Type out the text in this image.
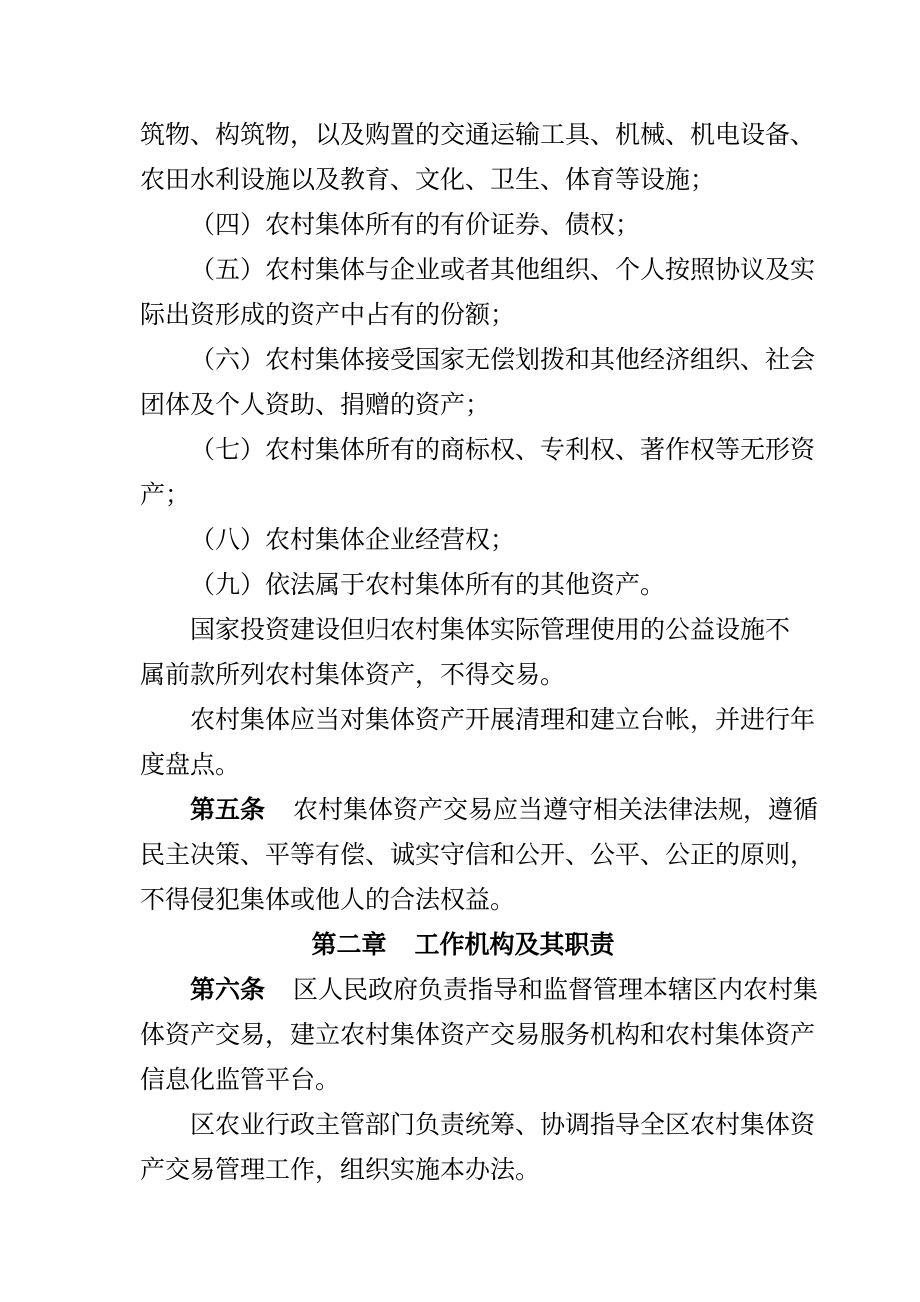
筑物、构筑物，以及购置的交通运输工具、机械、机电设备、
农田水利设施以及教育、文化、卫生、体育等设施；
（四）农村集体所有的有价证券、债权；
（五）农村集体与企业或者其他组织、个人按照协议及实
际出资形成的资产中占有的份额；
（六）农村集体接受国家无偿划拨和其他经济组织、社会
团体及个人资助、捐赠的资产；
（七）农村集体所有的商标权、专利权、著作权等无形资
产；
（八）农村集体企业经营权；
（九）依法属于农村集体所有的其他资产。
国家投资建设但归农村集体实际管理使用的公益设施不
属前款所列农村集体资产，不得交易。
农村集体应当对集体资产开展清理和建立台帐，并进行年
度盘点。
第五条 农村集体资产交易应当遵守相关法律法规，遵循
民主决策、平等有偿、诚实守信和公开、公平、公正的原则，
不得侵犯集体或他人的合法权益。
第二章 工作机构及其职责
第六条 区人民政府负责指导和监督管理本辖区内农村集
体资产交易，建立农村集体资产交易服务机构和农村集体资产
信息化监管平台。
区农业行政主管部门负责统筹、协调指导全区农村集体资
产交易管理工作，组织实施本办法。
